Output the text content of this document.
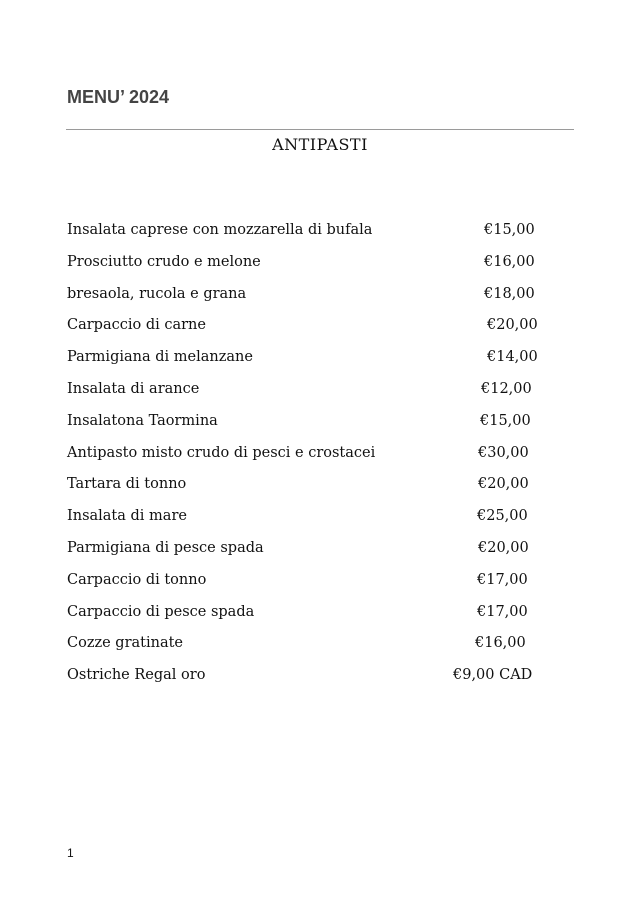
MENU’ 2024
ANTIPASTI
Insalata caprese con mozzarella di bufala	€15,00
Prosciutto crudo e melone	€16,00
bresaola, rucola e grana	€18,00
Carpaccio di carne	€20,00
Parmigiana di melanzane	€14,00
Insalata di arance	€12,00
Insalatona Taormina	€15,00
Antipasto misto crudo di pesci e crostacei	€30,00
Tartara di tonno	€20,00
Insalata di mare	€25,00
Parmigiana di pesce spada	€20,00
Carpaccio di tonno	€17,00
Carpaccio di pesce spada	€17,00
Cozze gratinate	€16,00
Ostriche Regal oro	€9,00 CAD
1
